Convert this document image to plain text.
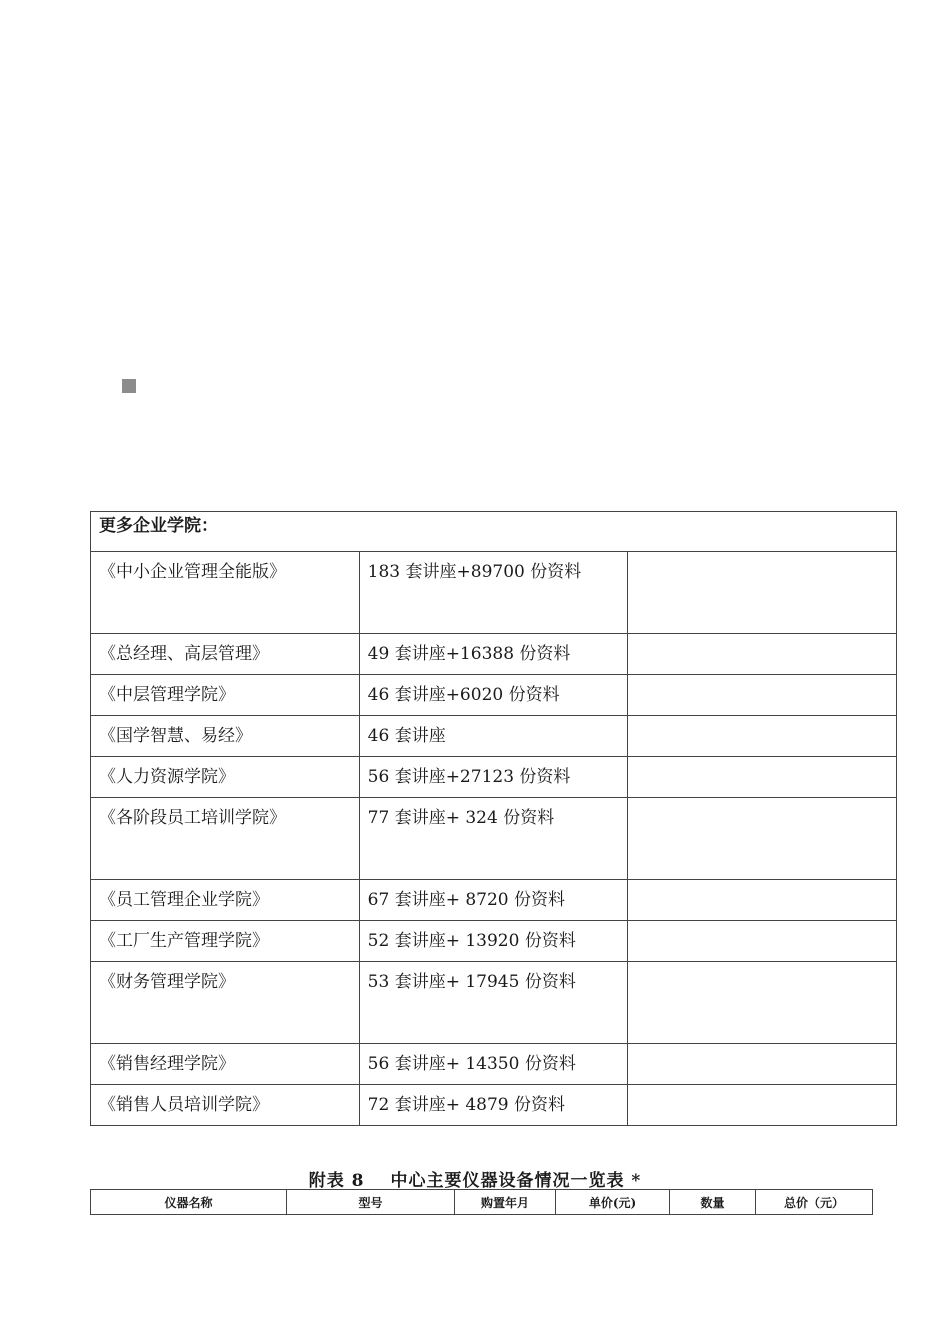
更多企业学院：		
《中小企业管理全能版》	183 套讲座+89700 份资料	
《总经理、高层管理》	49 套讲座+16388 份资料	
《中层管理学院》	46 套讲座+6020 份资料	
《国学智慧、易经》	46 套讲座	
《人力资源学院》	56 套讲座+27123 份资料	
《各阶段员工培训学院》	77 套讲座+ 324 份资料	
《员工管理企业学院》	67 套讲座+ 8720 份资料	
《工厂生产管理学院》	52 套讲座+ 13920 份资料	
《财务管理学院》	53 套讲座+ 17945 份资料	
《销售经理学院》	56 套讲座+ 14350 份资料	
《销售人员培训学院》	72 套讲座+ 4879 份资料	
附表 8 中心主要仪器设备情况一览表 *
仪器名称	型号	购置年月	单价(元)	数量	总价（元）
